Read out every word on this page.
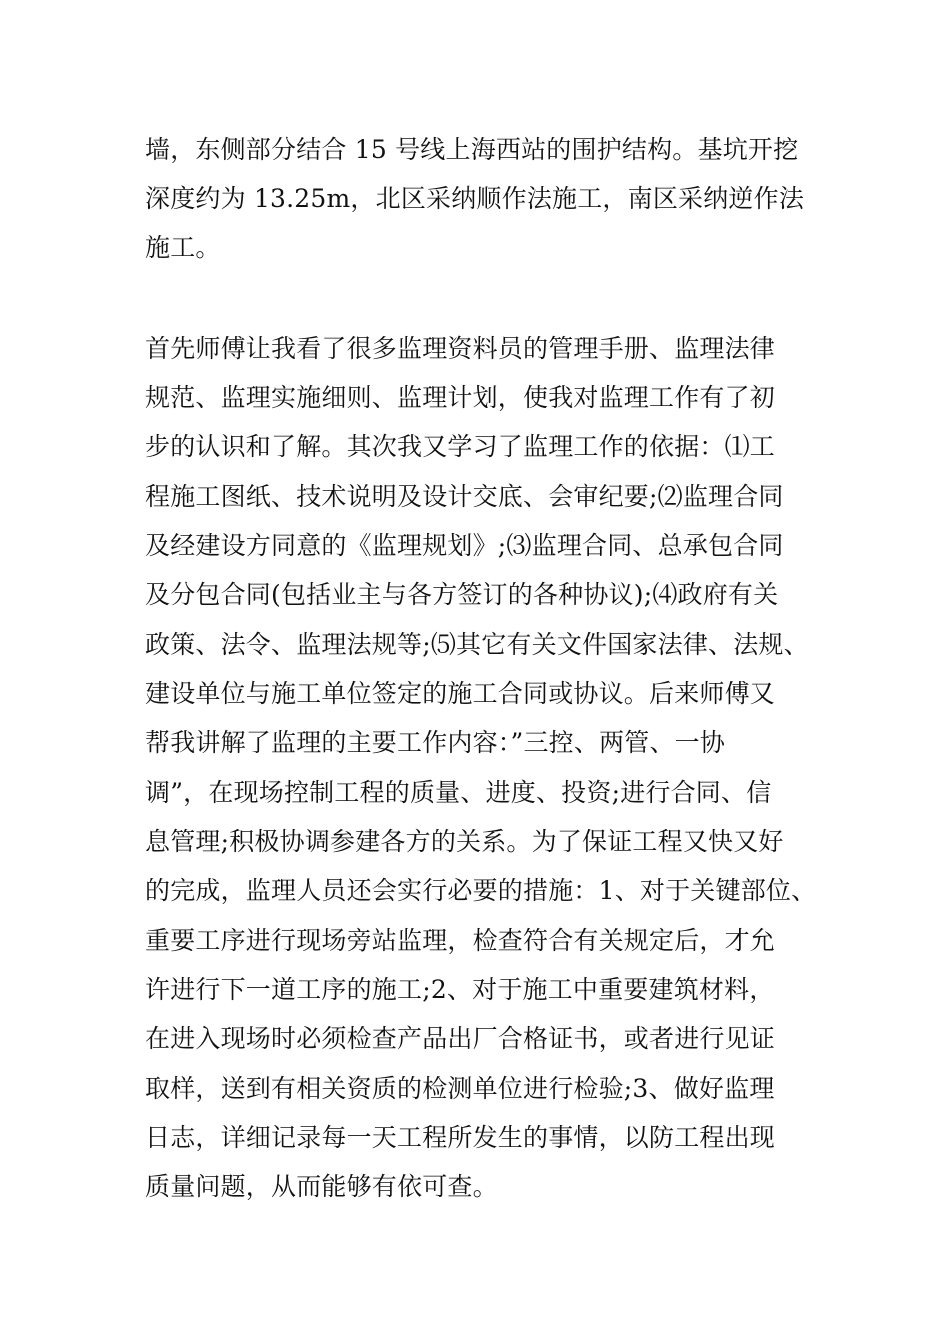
墙，东侧部分结合 15 号线上海西站的围护结构。基坑开挖
深度约为 13.25m，北区采纳顺作法施工，南区采纳逆作法
施工。
首先师傅让我看了很多监理资料员的管理手册、监理法律
规范、监理实施细则、监理计划，使我对监理工作有了初
步的认识和了解。其次我又学习了监理工作的依据：⑴工
程施工图纸、技术说明及设计交底、会审纪要;⑵监理合同
及经建设方同意的《监理规划》;⑶监理合同、总承包合同
及分包合同(包括业主与各方签订的各种协议);⑷政府有关
政策、法令、监理法规等;⑸其它有关文件国家法律、法规、
建设单位与施工单位签定的施工合同或协议。后来师傅又
帮我讲解了监理的主要工作内容：”三控、两管、一协
调”，在现场控制工程的质量、进度、投资;进行合同、信
息管理;积极协调参建各方的关系。为了保证工程又快又好
的完成，监理人员还会实行必要的措施：1、对于关键部位、
重要工序进行现场旁站监理，检查符合有关规定后，才允
许进行下一道工序的施工;2、对于施工中重要建筑材料，
在进入现场时必须检查产品出厂合格证书，或者进行见证
取样，送到有相关资质的检测单位进行检验;3、做好监理
日志，详细记录每一天工程所发生的事情，以防工程出现
质量问题，从而能够有依可查。
